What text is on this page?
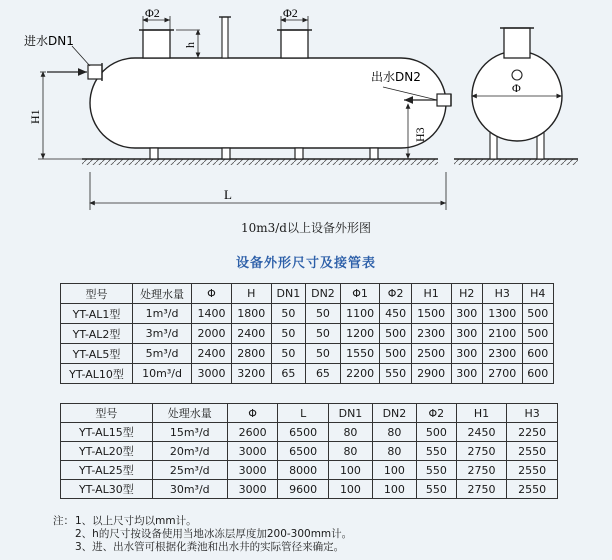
Φ2	Φ2
h
进水DN1
出水DN2
H1
H3
L
Φ
10m3/d以上设备外形图
设备外形尺寸及接管表
型号	处理水量	Φ	H	DN1	DN2	Φ1	Φ2	H1	H2	H3	H4
YT-AL1型	1m³/d	1400	1800	50	50	1100	450	1500	300	1300	500
YT-AL2型	3m³/d	2000	2400	50	50	1200	500	2300	300	2100	500
YT-AL5型	5m³/d	2400	2800	50	50	1550	500	2500	300	2300	600
YT-AL10型	10m³/d	3000	3200	65	65	2200	550	2900	300	2700	600
型号	处理水量	Φ	L	DN1	DN2	Φ2	H1	H3
YT-AL15型	15m³/d	2600	6500	80	80	500	2450	2250
YT-AL20型	20m³/d	3000	6500	80	80	550	2750	2550
YT-AL25型	25m³/d	3000	8000	100	100	550	2750	2550
YT-AL30型	30m³/d	3000	9600	100	100	550	2750	2550
注：1、以上尺寸均以mm计。
2、h的尺寸按设备使用当地冰冻层厚度加200-300mm计。
3、进、出水管可根据化粪池和出水井的实际管径来确定。
